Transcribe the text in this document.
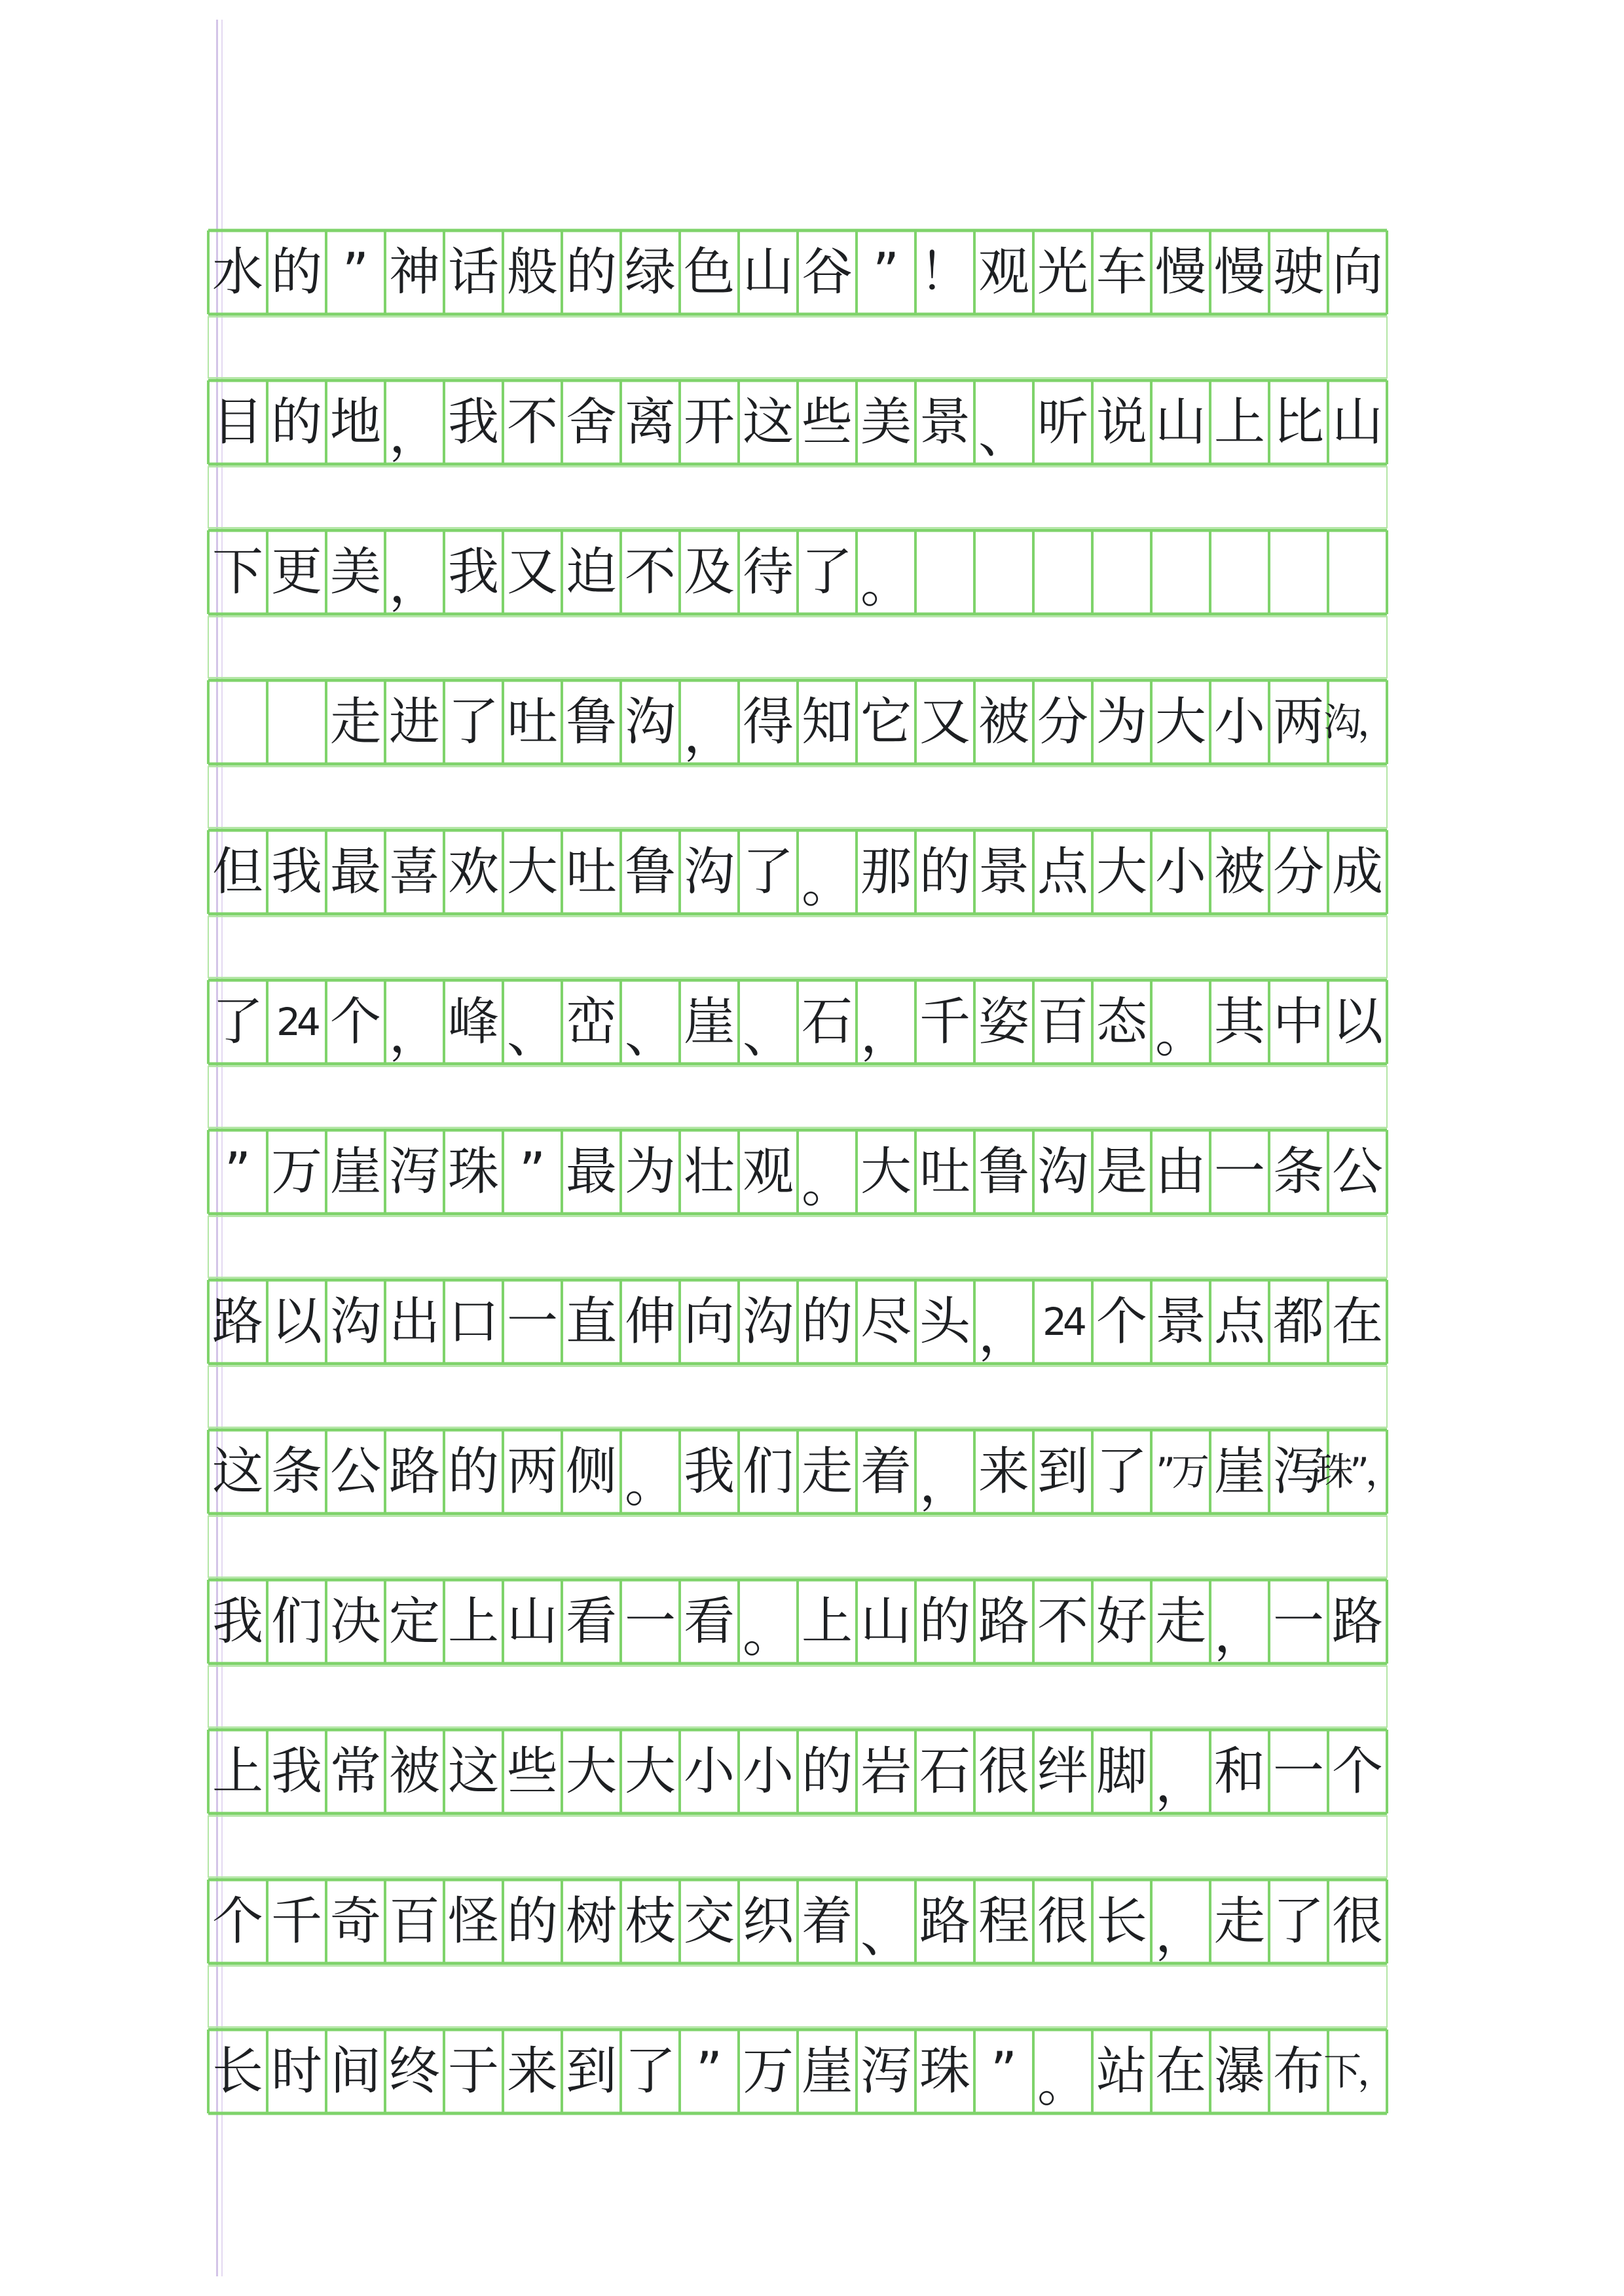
水 的 ” 神 话 般 的 绿 色 山 谷 ” ！ 观 光 车 慢 慢 驶 向
目 的 地 ， 我 不 舍 离 开 这 些 美 景 、 听 说 山 上 比 山
下 更 美 ， 我 又 迫 不 及 待 了 。
走 进 了 吐 鲁 沟 ， 得 知 它 又 被 分 为 大 小 两 沟，
但 我 最 喜 欢 大 吐 鲁 沟 了 。 那 的 景 点 大 小 被 分 成
了 24 个 ， 峰 、 峦 、 崖 、 石 ， 千 姿 百 态 。 其 中 以
” 万 崖 泻 珠 ” 最 为 壮 观 。 大 吐 鲁 沟 是 由 一 条 公
路 以 沟 出 口 一 直 伸 向 沟 的 尽 头 ， 24 个 景 点 都 在
这 条 公 路 的 两 侧 。 我 们 走 着 ， 来 到 了 ”万 崖 泻
珠”，
我 们 决 定 上 山 看 一 看 。 上 山 的 路 不 好 走 ， 一 路
上 我 常 被 这 些 大 大 小 小 的 岩 石 很 绊 脚 ， 和 一 个
个 千 奇 百 怪 的 树 枝 交 织 着 、 路 程 很 长 ， 走 了 很
长 时 间 终 于 来 到 了 ” 万 崖 泻 珠 ” 。 站 在 瀑 布 下，
